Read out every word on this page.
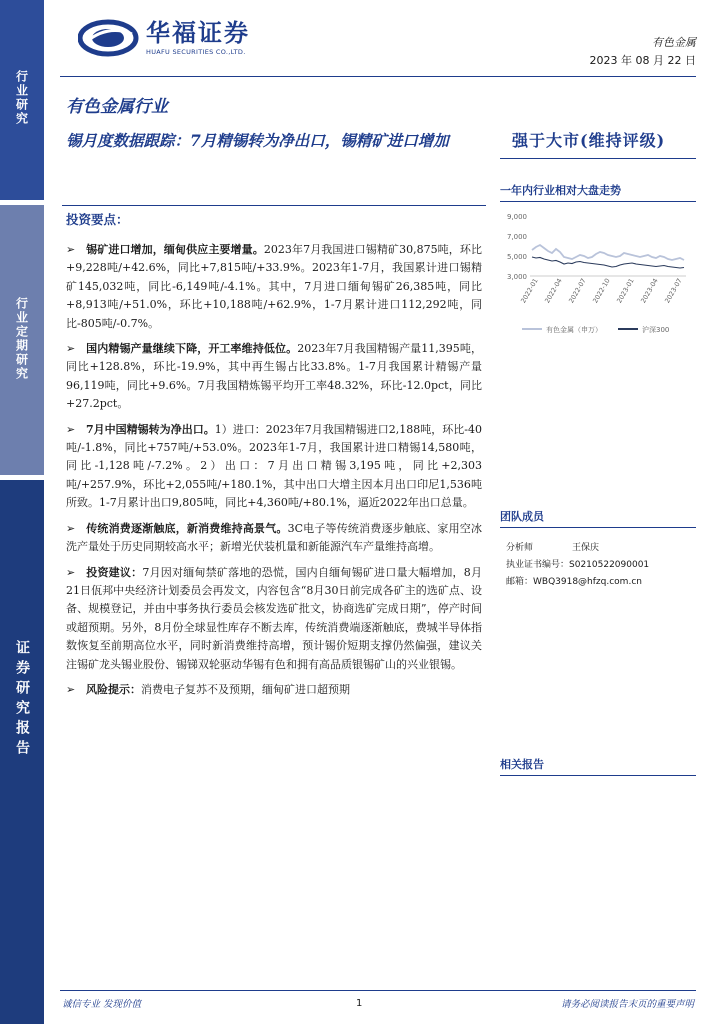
行业研究
行业定期研究
证券研究报告
华福证券
HUAFU SECURITIES CO.,LTD.
有色金属
2023 年 08 月 22 日
有色金属行业
锡月度数据跟踪：7月精锡转为净出口，锡精矿进口增加	强于大市(维持评级)
投资要点：
➢ 锡矿进口增加，缅甸供应主要增量。2023年7月我国进口锡精矿30,875吨，环比+9,228吨/+42.6%，同比+7,815吨/+33.9%。2023年1-7月，我国累计进口锡精矿145,032吨，同比-6,149吨/-4.1%。其中，7月进口缅甸锡矿26,385吨，同比+8,913吨/+51.0%，环比+10,188吨/+62.9%，1-7月累计进口112,292吨，同比-805吨/-0.7%。
➢ 国内精锡产量继续下降，开工率维持低位。2023年7月我国精锡产量11,395吨，同比+128.8%，环比-19.9%，其中再生锡占比33.8%。1-7月我国累计精锡产量96,119吨，同比+9.6%。7月我国精炼锡平均开工率48.32%，环比-12.0pct，同比+27.2pct。
➢ 7月中国精锡转为净出口。1）进口：2023年7月我国精锡进口2,188吨，环比-40吨/-1.8%，同比+757吨/+53.0%。2023年1-7月，我国累计进口精锡14,580吨，同比-1,128吨/-7.2%。2）出口：7月出口精锡3,195吨，同比+2,303吨/+257.9%，环比+2,055吨/+180.1%，其中出口大增主因本月出口印尼1,536吨所致。1-7月累计出口9,805吨，同比+4,360吨/+80.1%，逼近2022年出口总量。
➢ 传统消费逐渐触底，新消费维持高景气。3C电子等传统消费逐步触底、家用空冰洗产量处于历史同期较高水平；新增光伏装机量和新能源汽车产量维持高增。
➢ 投资建议：7月因对缅甸禁矿落地的恐慌，国内自缅甸锡矿进口量大幅增加，8月21日佤邦中央经济计划委员会再发文，内容包含“8月30日前完成各矿主的选矿点、设备、规模登记，并由中事务执行委员会核发选矿批文，协商选矿完成日期”，停产时间或超预期。另外，8月份全球显性库存不断去库，传统消费端逐渐触底，费城半导体指数恢复至前期高位水平，同时新消费维持高增，预计锡价短期支撑仍然偏强，建议关注锡矿龙头锡业股份、锡锑双轮驱动华锡有色和拥有高品质银锡矿山的兴业银锡。
➢ 风险提示：消费电子复苏不及预期，缅甸矿进口超预期
一年内行业相对大盘走势
3,000
5,000
7,000
9,000
2022-01 2022-04 2022-07 2022-10 2023-01 2023-04 2023-07
有色金属（申万）	沪深300
团队成员
分析师	王保庆
执业证书编号：S0210522090001
邮箱：WBQ3918@hfzq.com.cn
相关报告
诚信专业 发现价值	1	请务必阅读报告末页的重要声明
